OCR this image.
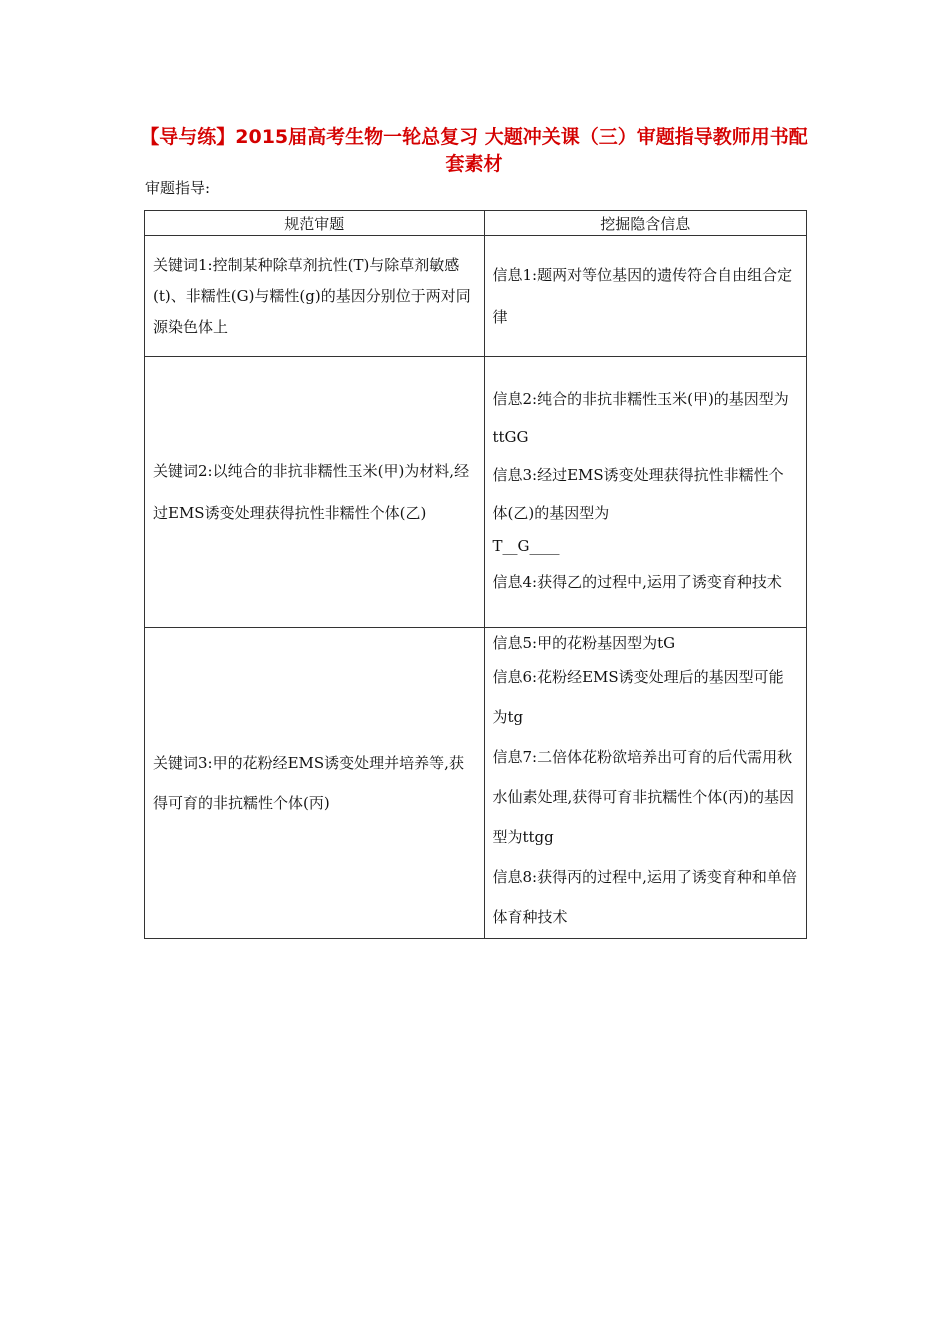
【导与练】2015届高考生物一轮总复习 大题冲关课（三）审题指导教师用书配套素材
审题指导:
规范审题	挖掘隐含信息

关键词1:控制某种除草剂抗性(T)与除草剂敏感(t)、非糯性(G)与糯性(g)的基因分别位于两对同源染色体上	信息1:题两对等位基因的遗传符合自由组合定律

关键词2:以纯合的非抗非糯性玉米(甲)为材料,经过EMS诱变处理获得抗性非糯性个体(乙)	信息2:纯合的非抗非糯性玉米(甲)的基因型为ttGG
信息3:经过EMS诱变处理获得抗性非糯性个体(乙)的基因型为
T__G____
信息4:获得乙的过程中,运用了诱变育种技术

关键词3:甲的花粉经EMS诱变处理并培养等,获得可育的非抗糯性个体(丙)	信息5:甲的花粉基因型为tG
信息6:花粉经EMS诱变处理后的基因型可能为tg
信息7:二倍体花粉欲培养出可育的后代需用秋水仙素处理,获得可育非抗糯性个体(丙)的基因型为ttgg
信息8:获得丙的过程中,运用了诱变育种和单倍体育种技术
